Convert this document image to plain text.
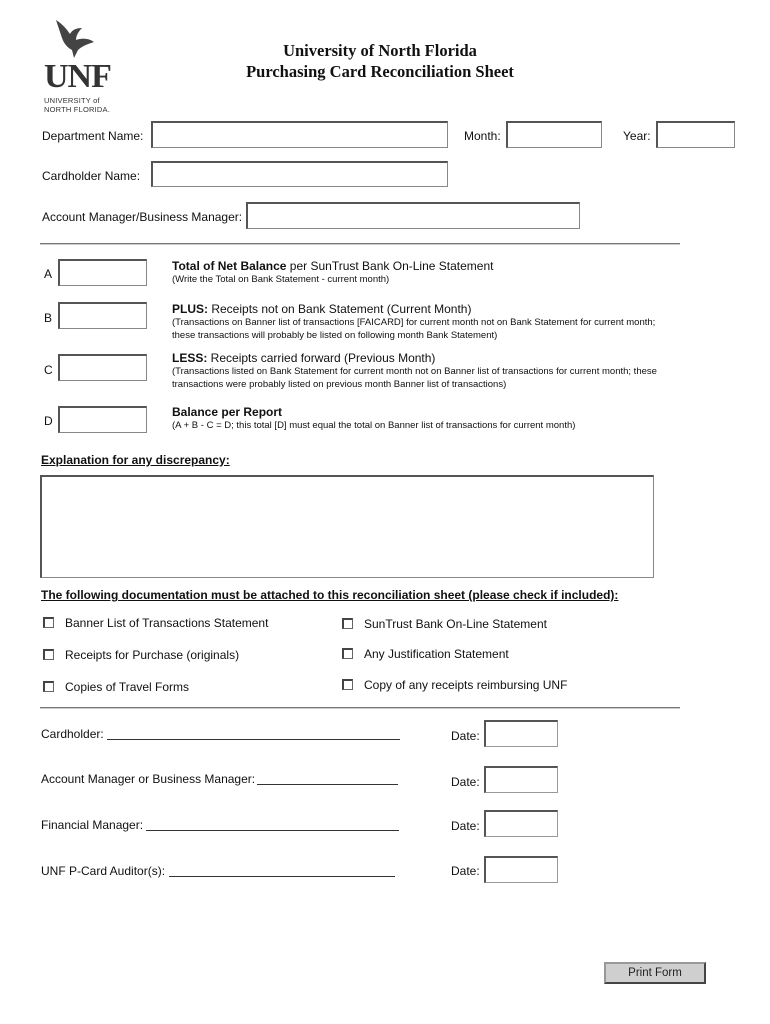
UNF
UNIVERSITY of
NORTH FLORIDA.
University of North Florida
Purchasing Card Reconciliation Sheet
Department Name:	Month:	Year:
Cardholder Name:
Account Manager/Business Manager:
A
Total of Net Balance per SunTrust Bank On-Line Statement
(Write the Total on Bank Statement - current month)
B
PLUS: Receipts not on Bank Statement (Current Month)
(Transactions on Banner list of transactions [FAICARD] for current month not on Bank Statement for current month; these transactions will probably be listed on following month Bank Statement)
C
LESS: Receipts carried forward (Previous Month)
(Transactions listed on Bank Statement for current month not on Banner list of transactions for current month; these transactions were probably listed on previous month Banner list of transactions)
D
Balance per Report
(A + B - C = D; this total [D] must equal the total on Banner list of transactions for current month)
Explanation for any discrepancy:
The following documentation must be attached to this reconciliation sheet (please check if included):
Banner List of Transactions Statement	SunTrust Bank On-Line Statement
Receipts for Purchase (originals)	Any Justification Statement
Copies of Travel Forms	Copy of any receipts reimbursing UNF
Cardholder:	Date:
Account Manager or Business Manager:	Date:
Financial Manager:	Date:
UNF P-Card Auditor(s):	Date:
Print Form
